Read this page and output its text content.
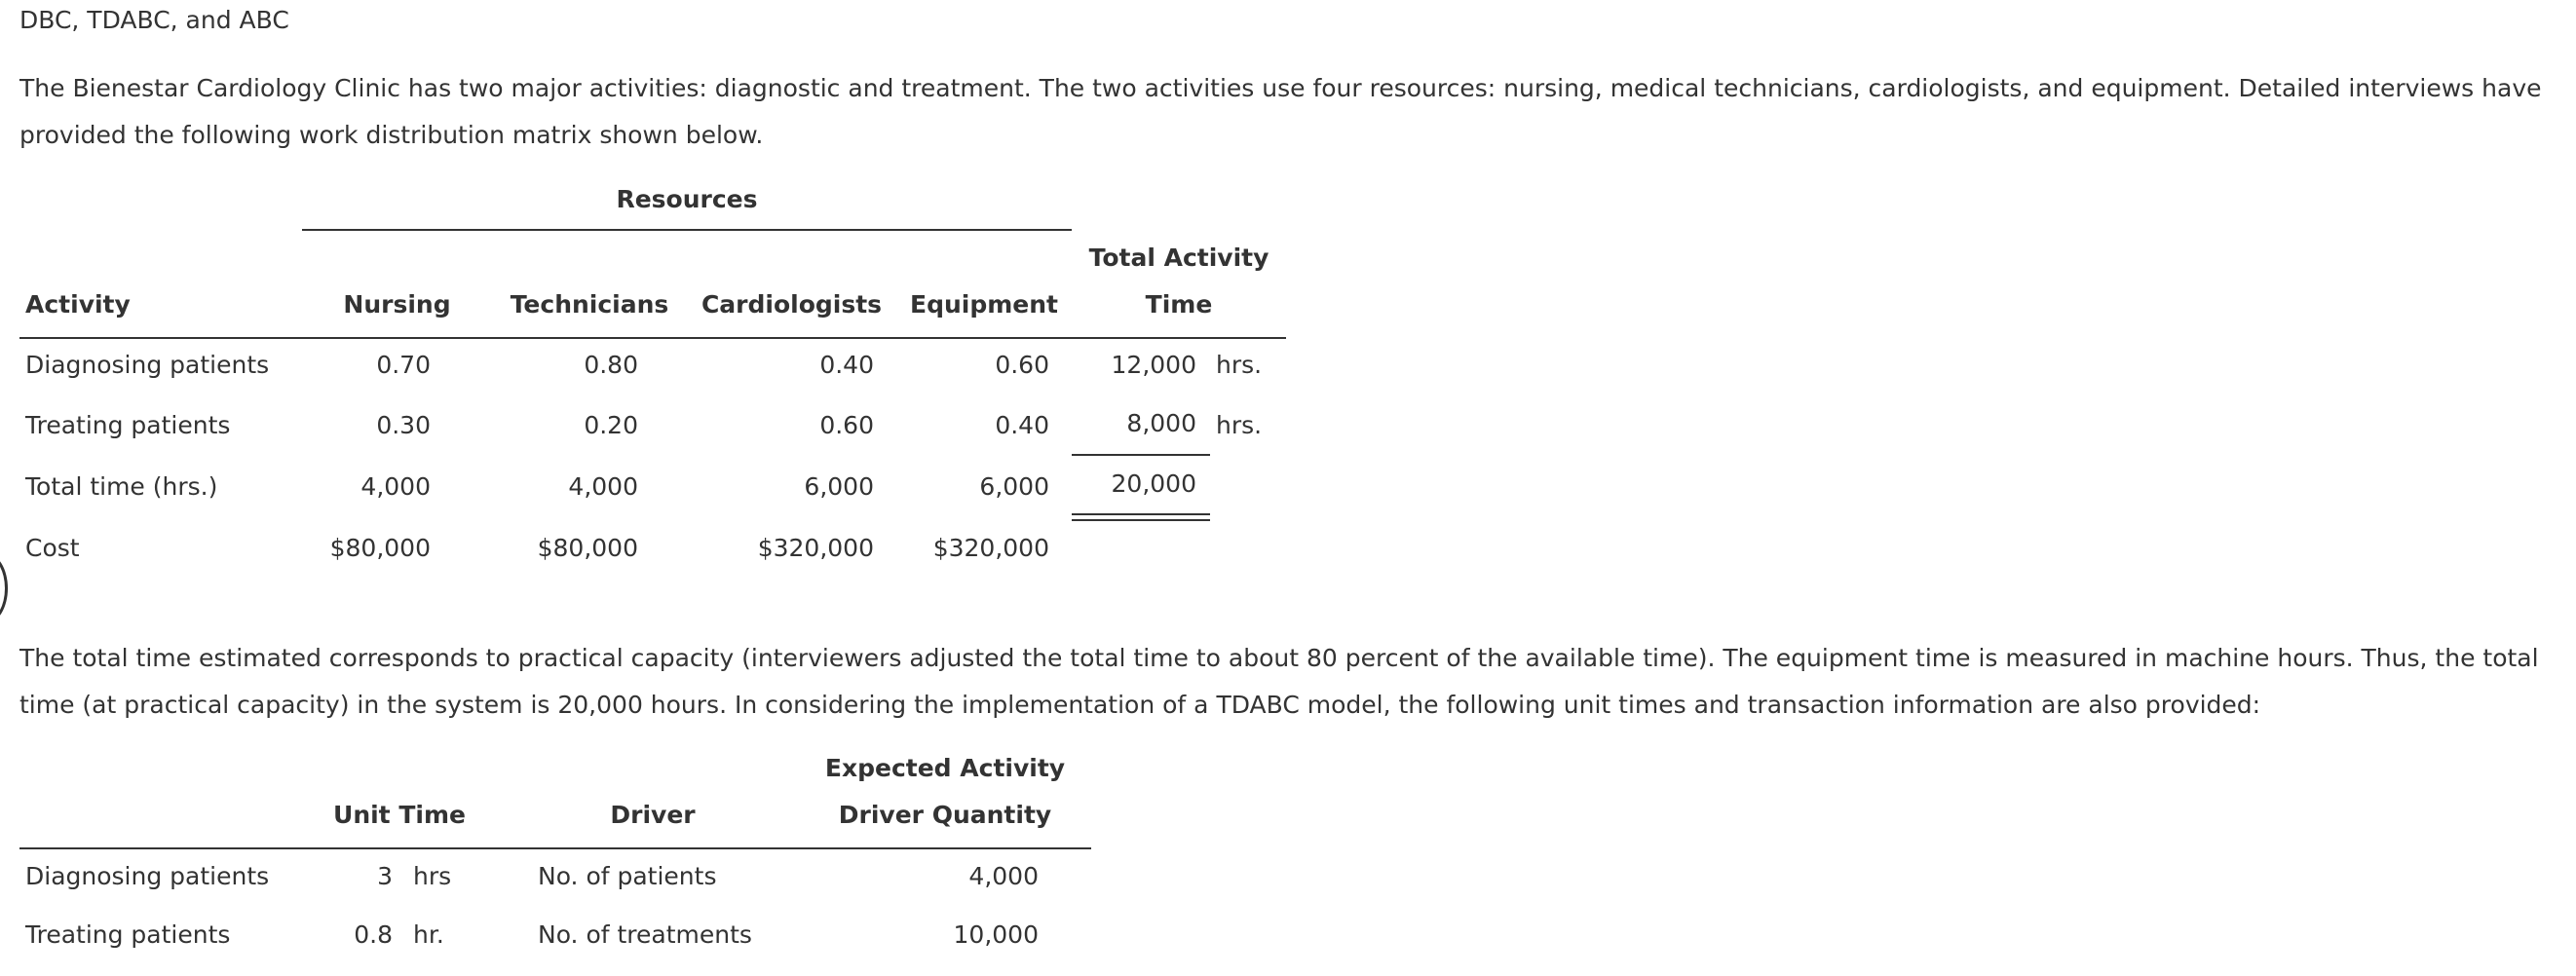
DBC, TDABC, and ABC
The Bienestar Cardiology Clinic has two major activities: diagnostic and treatment. The two activities use four resources: nursing, medical technicians, cardiologists, and equipment. Detailed interviews have provided the following work distribution matrix shown below.
Resources
Total Activity
Time
Activity	Nursing	Technicians	Cardiologists	Equipment
Diagnosing patients	0.70	0.80	0.40	0.60	12,000 hrs.
Treating patients	0.30	0.20	0.60	0.40	8,000 hrs.
Total time (hrs.)	4,000	4,000	6,000	6,000	20,000
Cost	$80,000	$80,000	$320,000	$320,000
The total time estimated corresponds to practical capacity (interviewers adjusted the total time to about 80 percent of the available time). The equipment time is measured in machine hours. Thus, the total time (at practical capacity) in the system is 20,000 hours. In considering the implementation of a TDABC model, the following unit times and transaction information are also provided:
Expected Activity
Unit Time	Driver	Driver Quantity
Diagnosing patients	3 hrs	No. of patients	4,000
Treating patients	0.8 hr.	No. of treatments	10,000
